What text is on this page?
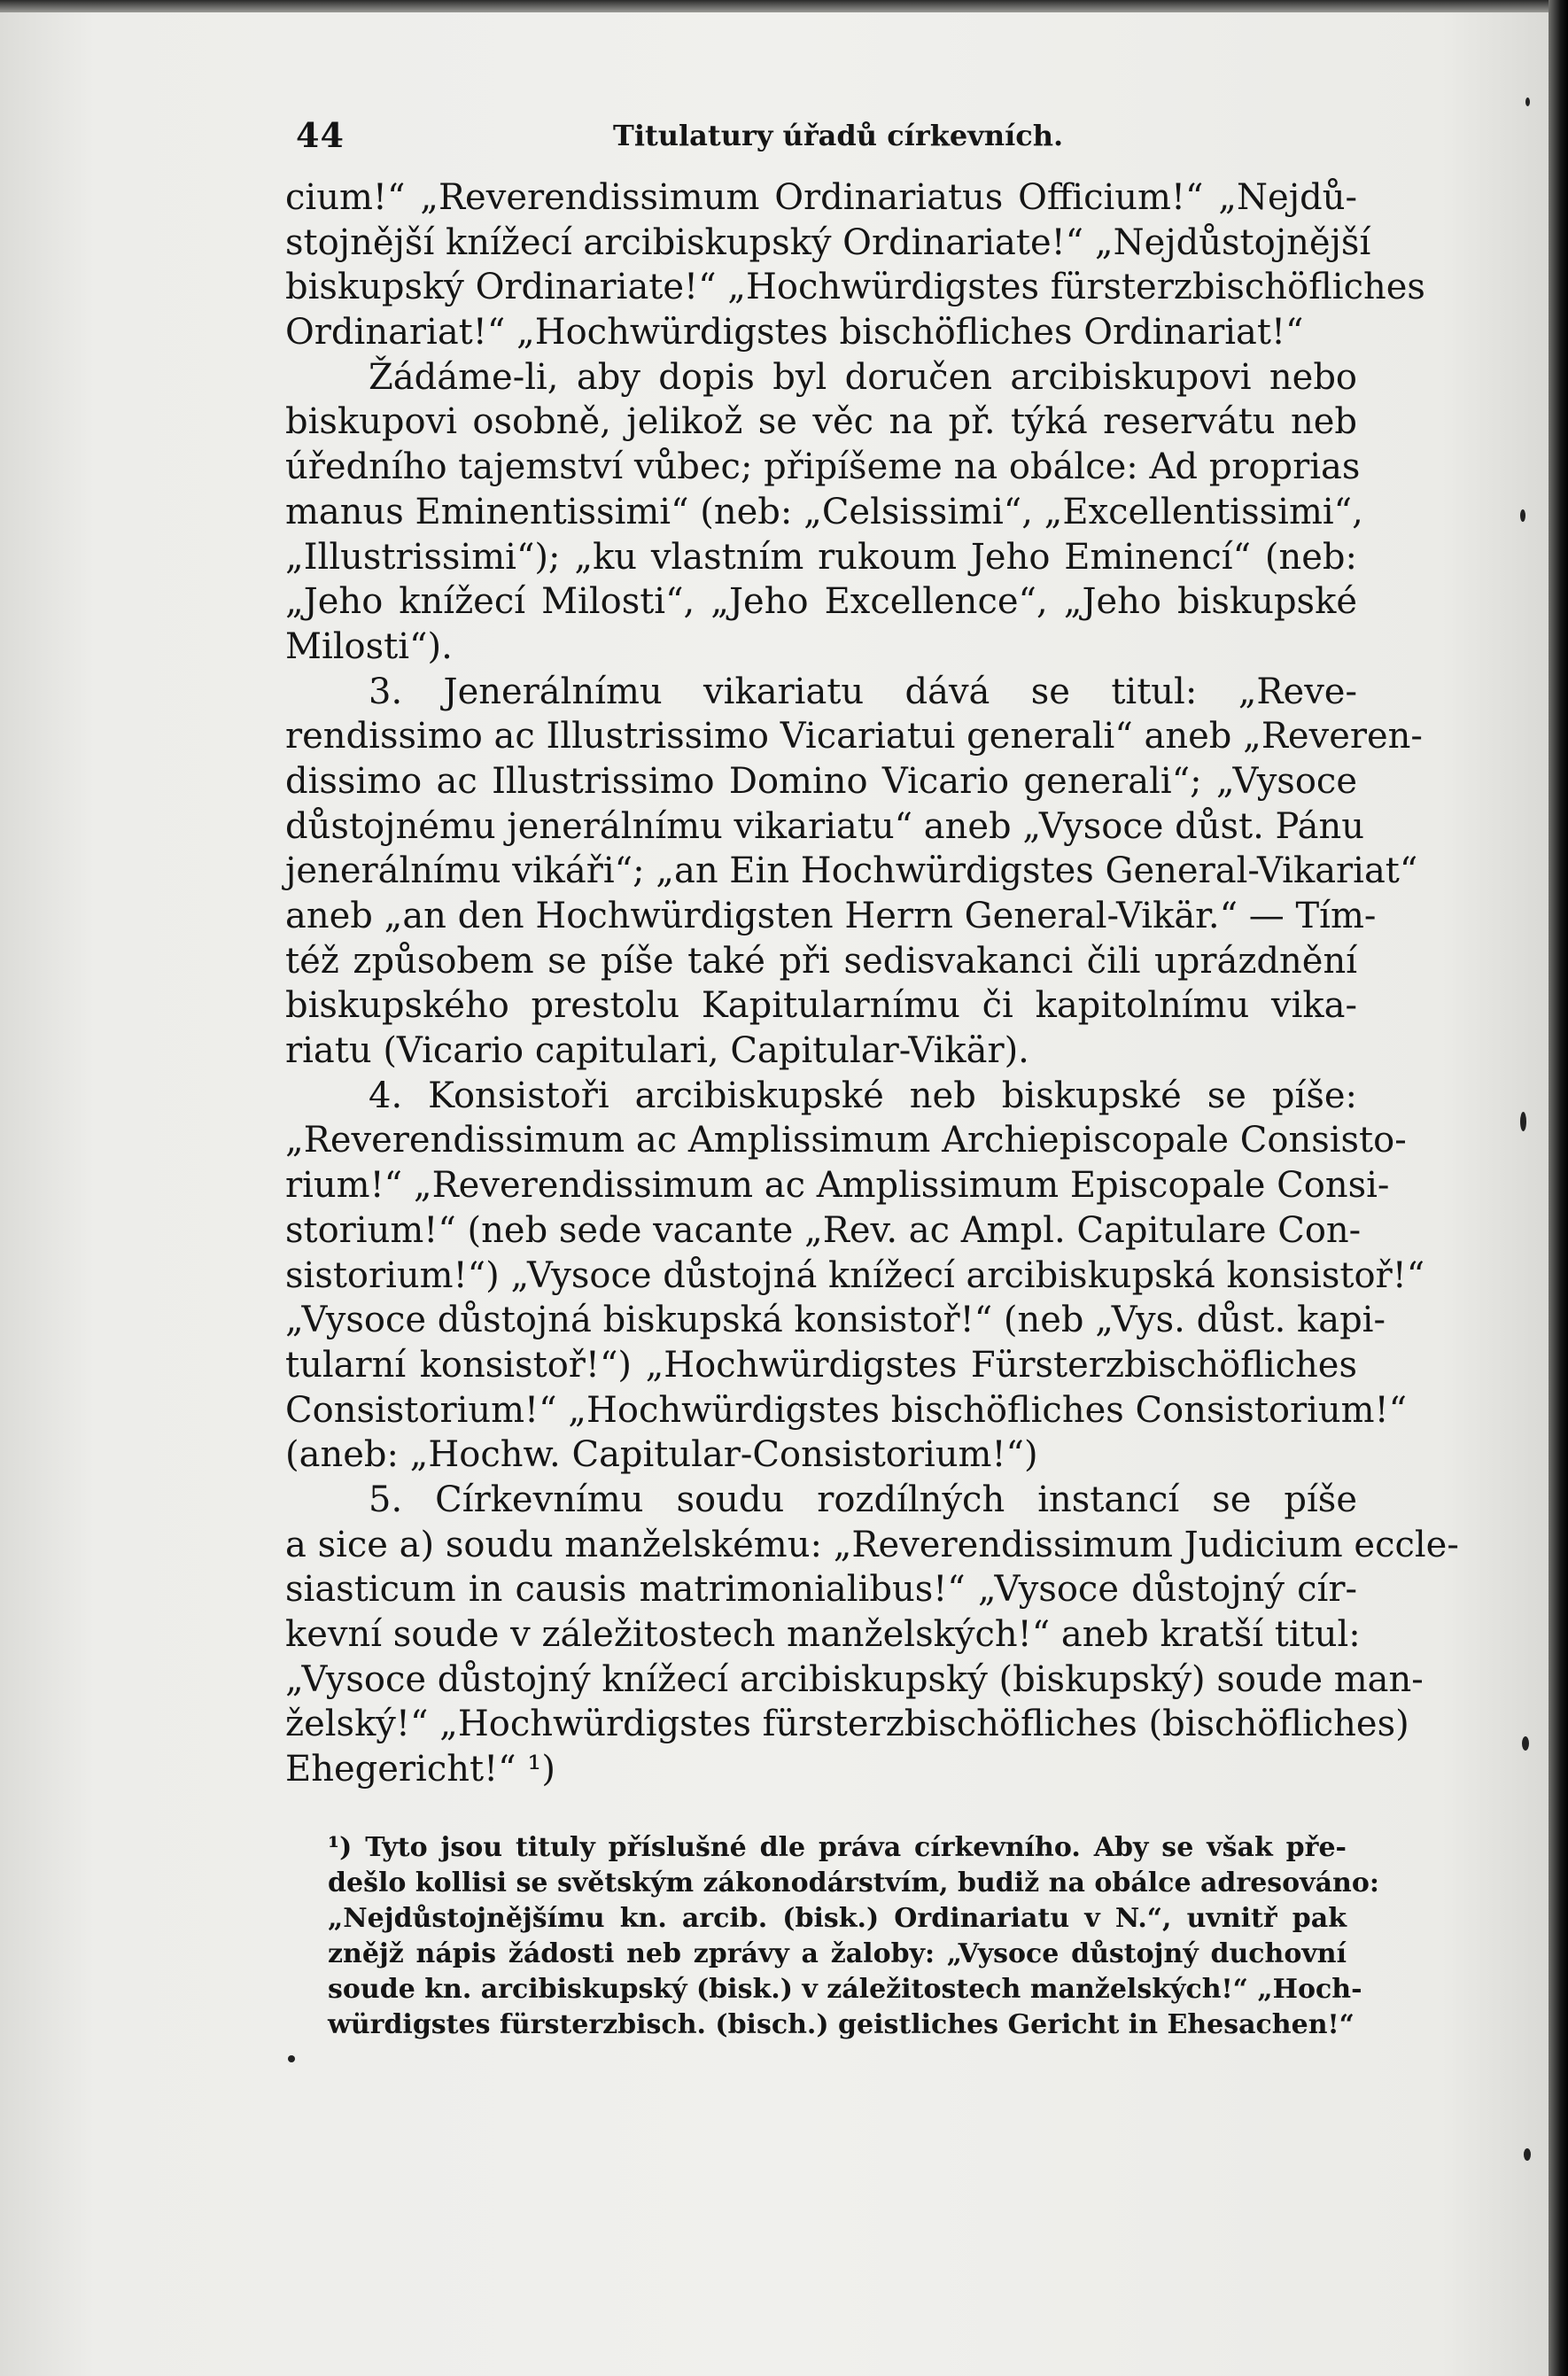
44	Titulatury úřadů církevních.
cium!“ „Reverendissimum Ordinariatus Officium!“ „Nejdů-
stojnější knížecí arcibiskupský Ordinariate!“ „Nejdůstojnější
biskupský Ordinariate!“ „Hochwürdigstes fürsterzbischöfliches
Ordinariat!“ „Hochwürdigstes bischöfliches Ordinariat!“
Žádáme-li, aby dopis byl doručen arcibiskupovi nebo
biskupovi osobně, jelikož se věc na př. týká reservátu neb
úředního tajemství vůbec; připíšeme na obálce: Ad proprias
manus Eminentissimi“ (neb: „Celsissimi“, „Excellentissimi“,
„Illustrissimi“); „ku vlastním rukoum Jeho Eminencí“ (neb:
„Jeho knížecí Milosti“, „Jeho Excellence“, „Jeho biskupské
Milosti“).
3. Jenerálnímu vikariatu dává se titul: „Reve-
rendissimo ac Illustrissimo Vicariatui generali“ aneb „Reveren-
dissimo ac Illustrissimo Domino Vicario generali“; „Vysoce
důstojnému jenerálnímu vikariatu“ aneb „Vysoce důst. Pánu
jenerálnímu vikáři“; „an Ein Hochwürdigstes General-Vikariat“
aneb „an den Hochwürdigsten Herrn General-Vikär.“ — Tím-
též způsobem se píše také při sedisvakanci čili uprázdnění
biskupského prestolu Kapitularnímu či kapitolnímu vika-
riatu (Vicario capitulari, Capitular-Vikär).
4. Konsistoři arcibiskupské neb biskupské se píše:
„Reverendissimum ac Amplissimum Archiepiscopale Consisto-
rium!“ „Reverendissimum ac Amplissimum Episcopale Consi-
storium!“ (neb sede vacante „Rev. ac Ampl. Capitulare Con-
sistorium!“) „Vysoce důstojná knížecí arcibiskupská konsistoř!“
„Vysoce důstojná biskupská konsistoř!“ (neb „Vys. důst. kapi-
tularní konsistoř!“) „Hochwürdigstes Fürsterzbischöfliches
Consistorium!“ „Hochwürdigstes bischöfliches Consistorium!“
(aneb: „Hochw. Capitular-Consistorium!“)
5. Církevnímu soudu rozdílných instancí se píše
a sice a) soudu manželskému: „Reverendissimum Judicium eccle-
siasticum in causis matrimonialibus!“ „Vysoce důstojný cír-
kevní soude v záležitostech manželských!“ aneb kratší titul:
„Vysoce důstojný knížecí arcibiskupský (biskupský) soude man-
želský!“ „Hochwürdigstes fürsterzbischöfliches (bischöfliches)
Ehegericht!“ ¹)
¹) Tyto jsou tituly příslušné dle práva církevního. Aby se však pře-
dešlo kollisi se světským zákonodárstvím, budiž na obálce adresováno:
„Nejdůstojnějšímu kn. arcib. (bisk.) Ordinariatu v N.“, uvnitř pak
znějž nápis žádosti neb zprávy a žaloby: „Vysoce důstojný duchovní
soude kn. arcibiskupský (bisk.) v záležitostech manželských!“ „Hoch-
würdigstes fürsterzbisch. (bisch.) geistliches Gericht in Ehesachen!“
